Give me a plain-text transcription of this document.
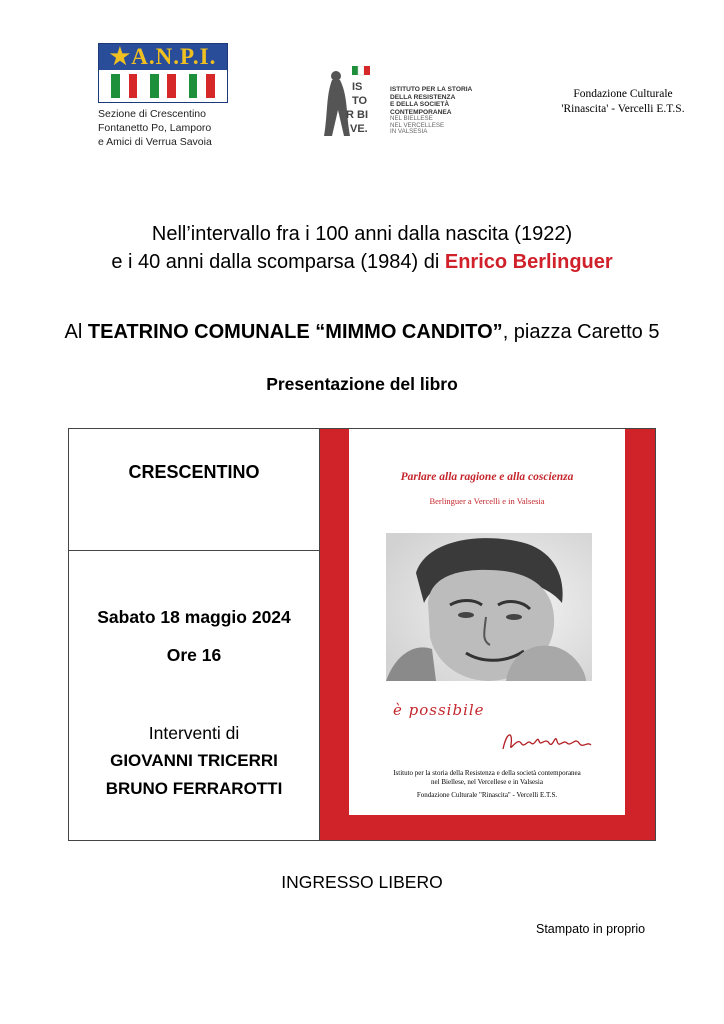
★A.N.P.I.
Sezione di Crescentino
Fontanetto Po, Lamporo
e Amici di Verrua Savoia
IS
TO
R BI
VE.
ISTITUTO PER LA STORIA
DELLA RESISTENZA
E DELLA SOCIETÀ
CONTEMPORANEA
NEL BIELLESE
NEL VERCELLESE
IN VALSESIA
Fondazione Culturale
'Rinascita' - Vercelli E.T.S.
Nell’intervallo fra i 100 anni dalla nascita (1922)
e i 40 anni dalla scomparsa (1984) di Enrico Berlinguer
Al TEATRINO COMUNALE “MIMMO CANDITO”, piazza Caretto 5
Presentazione del libro
CRESCENTINO
Sabato 18 maggio 2024
Ore 16
Interventi di
GIOVANNI TRICERRI
BRUNO FERRAROTTI
Parlare alla ragione e alla coscienza
Berlinguer a Vercelli e in Valsesia
è possibile
Istituto per la storia della Resistenza e della società contemporanea
nel Biellese, nel Vercellese e in Valsesia
Fondazione Culturale "Rinascita" - Vercelli E.T.S.
INGRESSO LIBERO
Stampato in proprio
